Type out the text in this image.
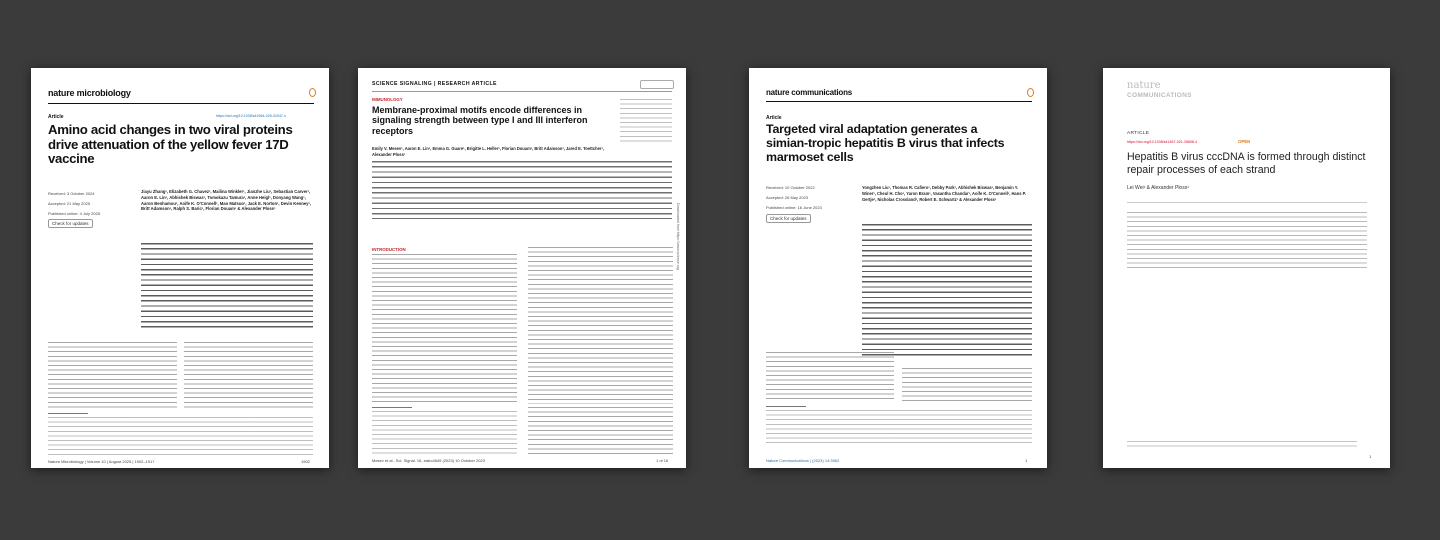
nature microbiology
Article	https://doi.org/10.1038/s41564-025-02047-x
Amino acid changes in two viral proteins drive attenuation of the yellow fever 17D vaccine
Received: 3 October 2024
Accepted: 21 May 2025
Published online: 4 July 2025
Check for updates
Jiayu Zhang¹, Elizabeth G. Chavez¹, Mailina Winkler¹, Jianzhe Liu¹, Sebastian Carver¹, Aaron E. Lin¹, Abhishek Biswas¹, Tomokazu Tamura¹, Anne Heigl¹, Donyang Wang¹, Aaron Benhamou¹, Aoife K. O'Connell¹, Mao Matsuo¹, Jack E. Norton¹, Devin Kenney¹, Britt Adamson¹, Ralph S. Baric¹, Florian Douam¹ & Alexander Ploss¹
Nature Microbiology | Volume 10 | August 2025 | 1902–1917	1902
SCIENCE SIGNALING | RESEARCH ARTICLE
IMMUNOLOGY
Membrane-proximal motifs encode differences in signaling strength between type I and III interferon receptors
Emily V. Mesev¹, Aaron E. Lin¹, Emma G. Guare¹, Brigitte L. Heller¹, Florian Douam¹, Britt Adamson¹, Jared E. Toettcher¹, Alexander Ploss¹
INTRODUCTION	Downloaded from https://www.science.org
Mesev et al., Sci. Signal. 16, eabo4649 (2023) 10 October 2023	1 of 16
nature communications
Article
Targeted viral adaptation generates a simian-tropic hepatitis B virus that infects marmoset cells
Received: 10 October 2022
Accepted: 26 May 2023
Published online: 16 June 2023
Check for updates
Yongzhen Liu¹, Thomas R. Cafiero¹, Debby Park¹, Abhishek Biswas¹, Benjamin Y. Winer¹, Cheul H. Cho¹, Yaron Bram¹, Vasantha Chandar¹, Aoife K. O'Connell¹, Hans P. Gertje¹, Nicholas Crossland¹, Robert E. Schwartz¹ & Alexander Ploss¹
Nature Communications | (2023) 14:3962	1
nature
COMMUNICATIONS
ARTICLE
https://doi.org/10.1038/s41467-021-26608-4	OPEN
Hepatitis B virus cccDNA is formed through distinct repair processes of each strand
Lei Wei¹ & Alexander Ploss¹
1
